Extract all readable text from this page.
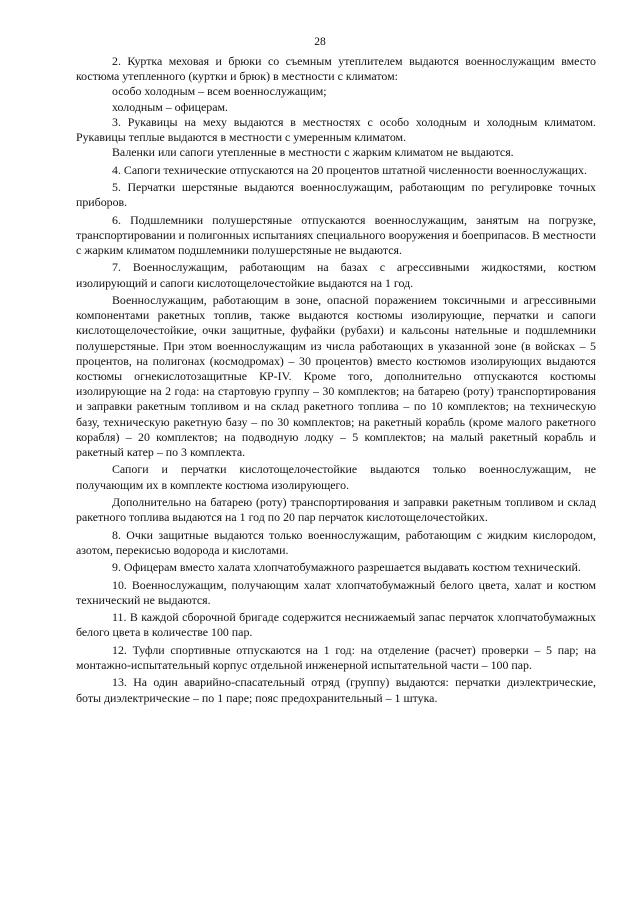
28

2. Куртка меховая и брюки со съемным утеплителем выдаются военнослужащим вместо костюма утепленного (куртки и брюк) в местности с климатом:

особо холодным – всем военнослужащим;

холодным – офицерам.

3. Рукавицы на меху выдаются в местностях с особо холодным и холодным климатом. Рукавицы теплые выдаются в местности с умеренным климатом.

Валенки или сапоги утепленные в местности с жарким климатом не выдаются.

4. Сапоги технические отпускаются на 20 процентов штатной численности военнослужащих.

5. Перчатки шерстяные выдаются военнослужащим, работающим по регулировке точных приборов.

6. Подшлемники полушерстяные отпускаются военнослужащим, занятым на погрузке, транспортировании и полигонных испытаниях специального вооружения и боеприпасов. В местности с жарким климатом подшлемники полушерстяные не выдаются.

7. Военнослужащим, работающим на базах с агрессивными жидкостями, костюм изолирующий и сапоги кислотощелочестойкие выдаются на 1 год.

Военнослужащим, работающим в зоне, опасной поражением токсичными и агрессивными компонентами ракетных топлив, также выдаются костюмы изолирующие, перчатки и сапоги кислотощелочестойкие, очки защитные, фуфайки (рубахи) и кальсоны нательные и подшлемники полушерстяные. При этом военнослужащим из числа работающих в указанной зоне (в войсках – 5 процентов, на полигонах (космодромах) – 30 процентов) вместо костюмов изолирующих выдаются костюмы огнекислотозащитные КР-IV. Кроме того, дополнительно отпускаются костюмы изолирующие на 2 года: на стартовую группу – 30 комплектов; на батарею (роту) транспортирования и заправки ракетным топливом и на склад ракетного топлива – по 10 комплектов; на техническую базу, техническую ракетную базу – по 30 комплектов; на ракетный корабль (кроме малого ракетного корабля) – 20 комплектов; на подводную лодку – 5 комплектов; на малый ракетный корабль и ракетный катер – по 3 комплекта.

Сапоги и перчатки кислотощелочестойкие выдаются только военнослужащим, не получающим их в комплекте костюма изолирующего.

Дополнительно на батарею (роту) транспортирования и заправки ракетным топливом и склад ракетного топлива выдаются на 1 год по 20 пар перчаток кислотощелочестойких.

8. Очки защитные выдаются только военнослужащим, работающим с жидким кислородом, азотом, перекисью водорода и кислотами.

9. Офицерам вместо халата хлопчатобумажного разрешается выдавать костюм технический.

10. Военнослужащим, получающим халат хлопчатобумажный белого цвета, халат и костюм технический не выдаются.

11. В каждой сборочной бригаде содержится неснижаемый запас перчаток хлопчатобумажных белого цвета в количестве 100 пар.

12. Туфли спортивные отпускаются на 1 год: на отделение (расчет) проверки – 5 пар; на монтажно-испытательный корпус отдельной инженерной испытательной части – 100 пар.

13. На один аварийно-спасательный отряд (группу) выдаются: перчатки диэлектрические, боты диэлектрические – по 1 паре; пояс предохранительный – 1 штука.
